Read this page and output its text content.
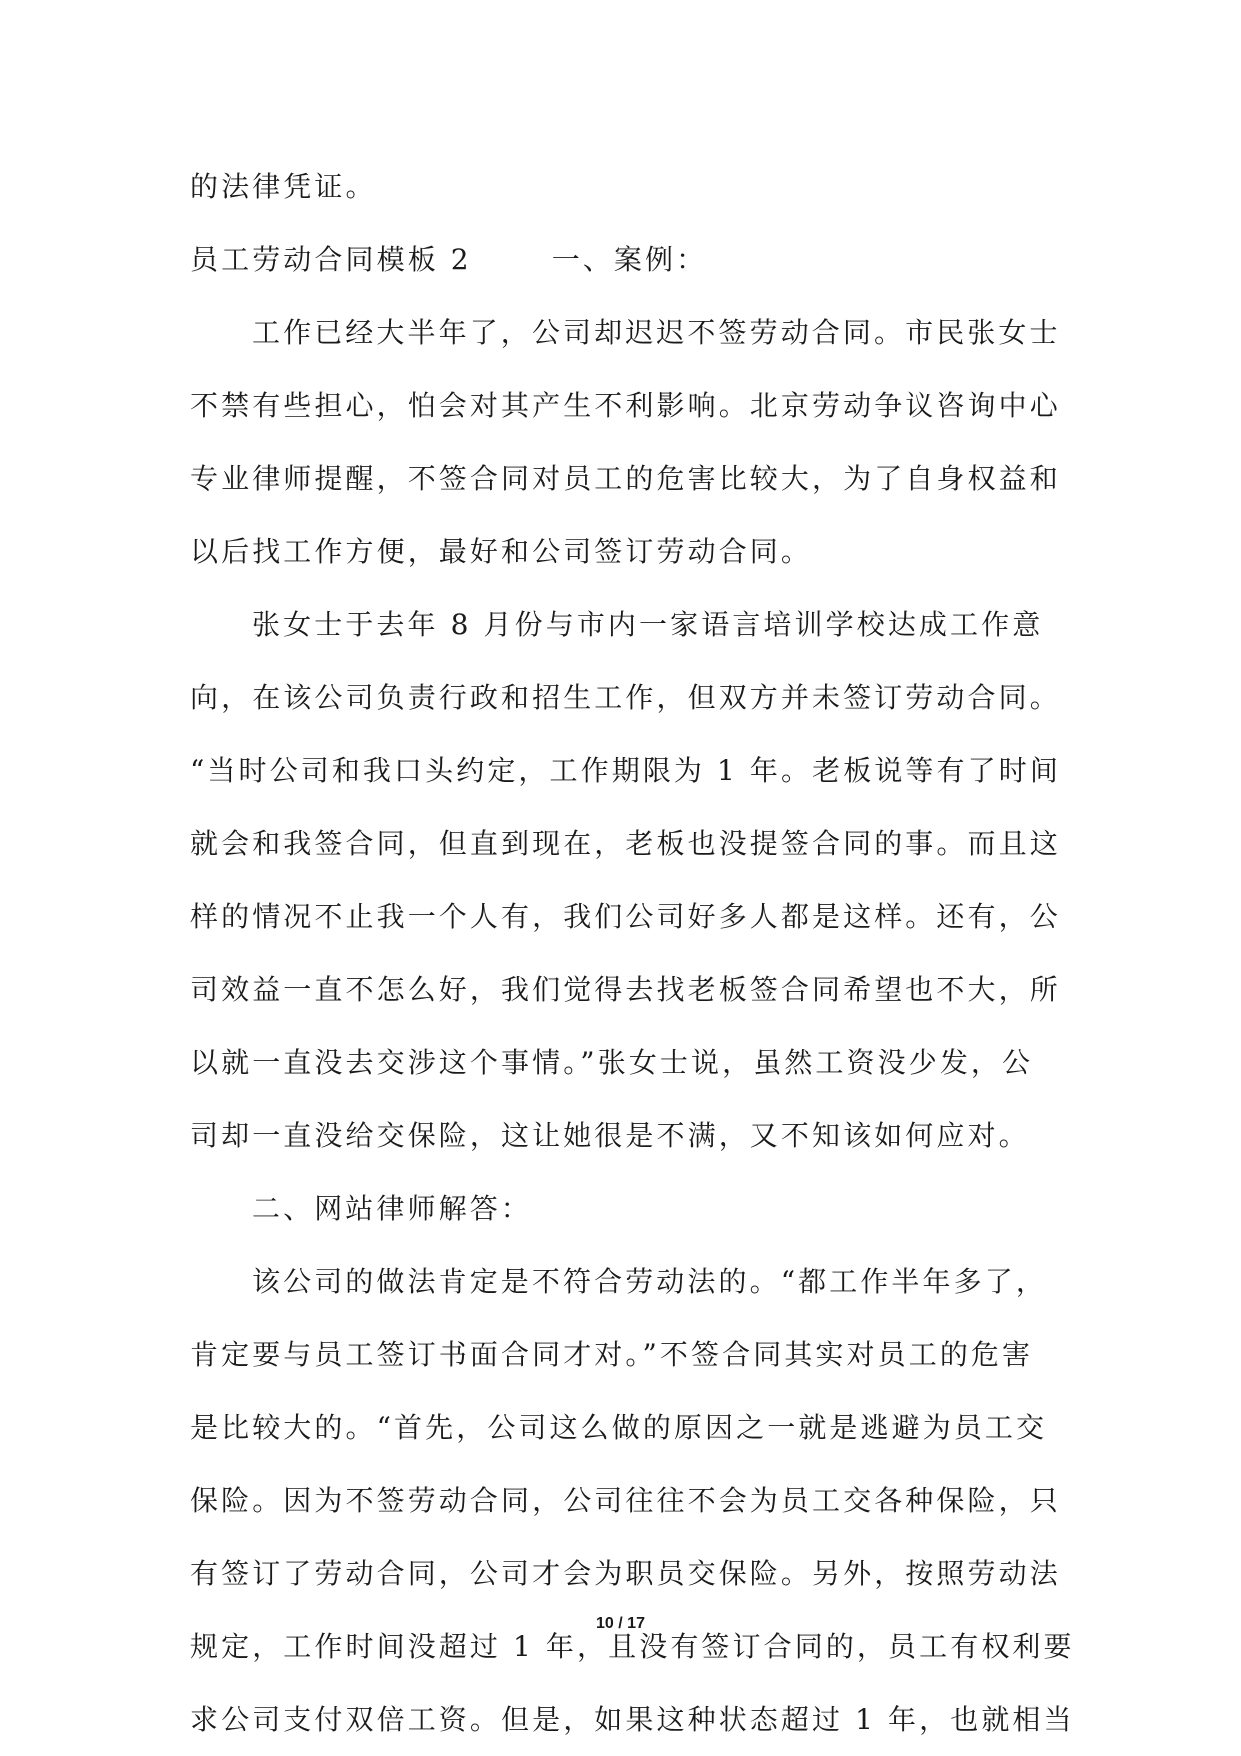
的法律凭证。
员工劳动合同模板 2	一、案例：
工作已经大半年了，公司却迟迟不签劳动合同。市民张女士
不禁有些担心，怕会对其产生不利影响。北京劳动争议咨询中心
专业律师提醒，不签合同对员工的危害比较大，为了自身权益和
以后找工作方便，最好和公司签订劳动合同。
张女士于去年 8 月份与市内一家语言培训学校达成工作意
向，在该公司负责行政和招生工作，但双方并未签订劳动合同。
“当时公司和我口头约定，工作期限为 1 年。老板说等有了时间
就会和我签合同，但直到现在，老板也没提签合同的事。而且这
样的情况不止我一个人有，我们公司好多人都是这样。还有，公
司效益一直不怎么好，我们觉得去找老板签合同希望也不大，所
以就一直没去交涉这个事情。”张女士说，虽然工资没少发，公
司却一直没给交保险，这让她很是不满，又不知该如何应对。
二、网站律师解答：
该公司的做法肯定是不符合劳动法的。“都工作半年多了，
肯定要与员工签订书面合同才对。”不签合同其实对员工的危害
是比较大的。“首先，公司这么做的原因之一就是逃避为员工交
保险。因为不签劳动合同，公司往往不会为员工交各种保险，只
有签订了劳动合同，公司才会为职员交保险。另外，按照劳动法
规定，工作时间没超过 1 年，且没有签订合同的，员工有权利要
求公司支付双倍工资。但是，如果这种状态超过 1 年，也就相当
10 / 17
